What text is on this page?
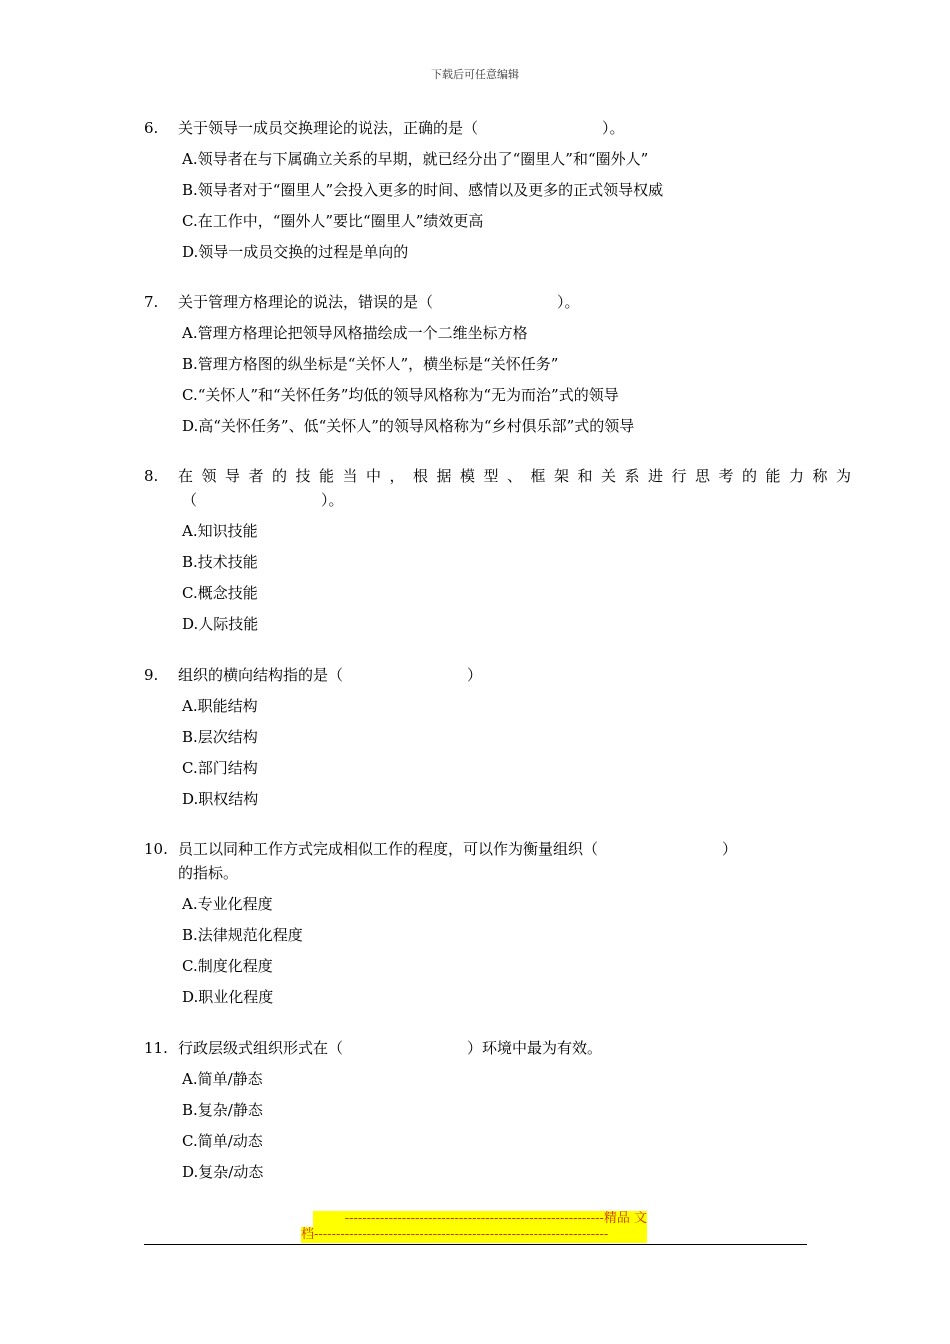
下载后可任意编辑
6. 关于领导一成员交换理论的说法，正确的是（	）。
A.领导者在与下属确立关系的早期，就已经分出了“圈里人”和“圈外人”
B.领导者对于“圈里人”会投入更多的时间、感情以及更多的正式领导权威
C.在工作中，“圈外人”要比“圈里人”绩效更高
D.领导一成员交换的过程是单向的
7. 关于管理方格理论的说法，错误的是（	）。
A.管理方格理论把领导风格描绘成一个二维坐标方格
B.管理方格图的纵坐标是“关怀人”，横坐标是“关怀任务”
C.“关怀人”和“关怀任务”均低的领导风格称为“无为而治”式的领导
D.高“关怀任务”、低“关怀人”的领导风格称为“乡村俱乐部”式的领导
8. 在领导者的技能当中，根据模型、框架和关系进行思考的能力称为
（	）。
A.知识技能
B.技术技能
C.概念技能
D.人际技能
9. 组织的横向结构指的是（	）
A.职能结构
B.层次结构
C.部门结构
D.职权结构
10. 员工以同种工作方式完成相似工作的程度，可以作为衡量组织（	）
的指标。
A.专业化程度
B.法律规范化程度
C.制度化程度
D.职业化程度
11. 行政层级式组织形式在（	）环境中最为有效。
A.简单/静态
B.复杂/静态
C.简单/动态
D.复杂/动态
-----------------------------------------------------------精品 文
档-------------------------------------------------------------------
